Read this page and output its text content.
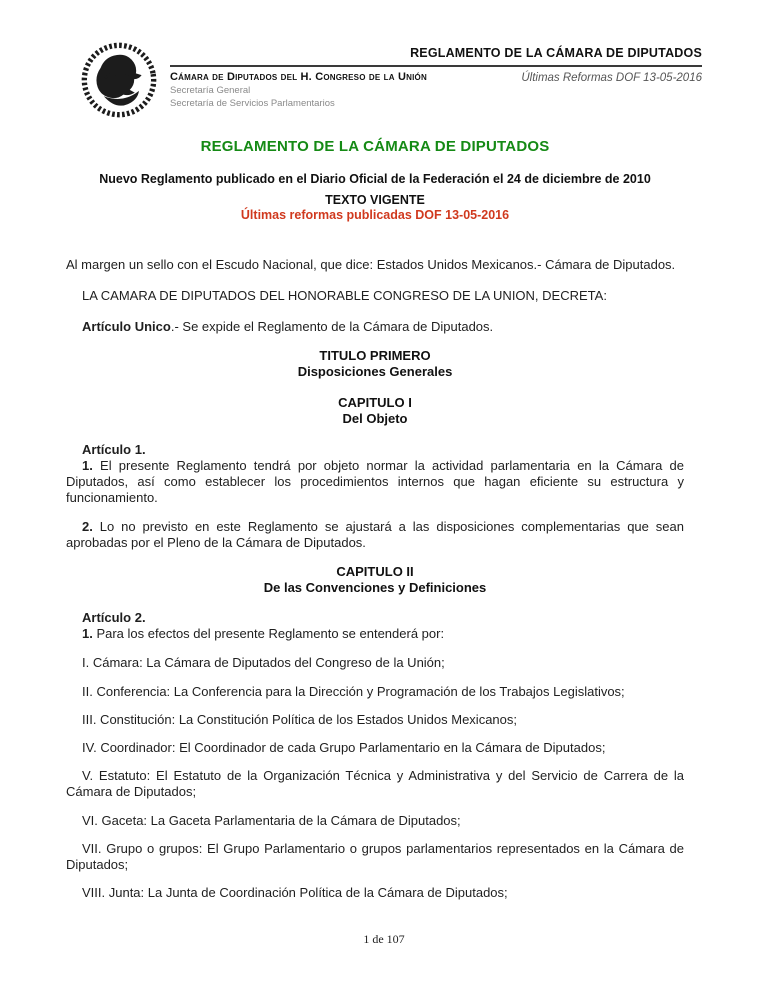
REGLAMENTO DE LA CÁMARA DE DIPUTADOS
Cámara de Diputados del H. Congreso de la Unión
Secretaría General
Secretaría de Servicios Parlamentarios
Últimas Reformas DOF 13-05-2016
REGLAMENTO DE LA CÁMARA DE DIPUTADOS
Nuevo Reglamento publicado en el Diario Oficial de la Federación el 24 de diciembre de 2010
TEXTO VIGENTE
Últimas reformas publicadas DOF 13-05-2016

Al margen un sello con el Escudo Nacional, que dice: Estados Unidos Mexicanos.- Cámara de Diputados.

LA CAMARA DE DIPUTADOS DEL HONORABLE CONGRESO DE LA UNION, DECRETA:

Artículo Unico.- Se expide el Reglamento de la Cámara de Diputados.

TITULO PRIMERO
Disposiciones Generales
CAPITULO I
Del Objeto

Artículo 1.

1. El presente Reglamento tendrá por objeto normar la actividad parlamentaria en la Cámara de Diputados, así como establecer los procedimientos internos que hagan eficiente su estructura y funcionamiento.

2. Lo no previsto en este Reglamento se ajustará a las disposiciones complementarias que sean aprobadas por el Pleno de la Cámara de Diputados.

CAPITULO II
De las Convenciones y Definiciones

Artículo 2.

1. Para los efectos del presente Reglamento se entenderá por:

I. Cámara: La Cámara de Diputados del Congreso de la Unión;

II. Conferencia: La Conferencia para la Dirección y Programación de los Trabajos Legislativos;

III. Constitución: La Constitución Política de los Estados Unidos Mexicanos;

IV. Coordinador: El Coordinador de cada Grupo Parlamentario en la Cámara de Diputados;

V. Estatuto: El Estatuto de la Organización Técnica y Administrativa y del Servicio de Carrera de la Cámara de Diputados;

VI. Gaceta: La Gaceta Parlamentaria de la Cámara de Diputados;

VII. Grupo o grupos: El Grupo Parlamentario o grupos parlamentarios representados en la Cámara de Diputados;

VIII. Junta: La Junta de Coordinación Política de la Cámara de Diputados;

1 de 107
